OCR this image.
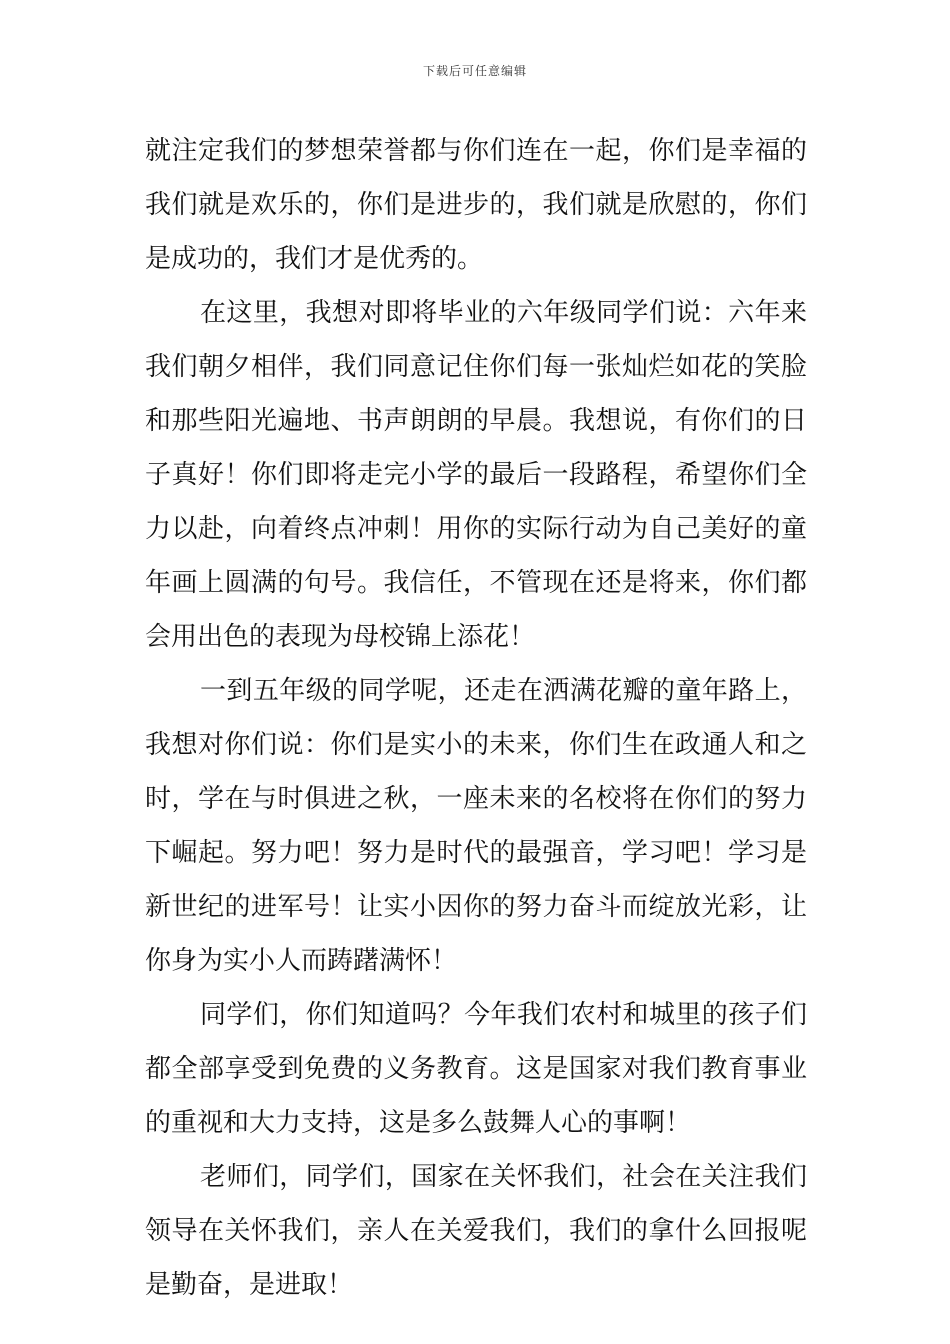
下载后可任意编辑
就注定我们的梦想荣誉都与你们连在一起，你们是幸福的
我们就是欢乐的，你们是进步的，我们就是欣慰的，你们
是成功的，我们才是优秀的。
在这里，我想对即将毕业的六年级同学们说：六年来
我们朝夕相伴，我们同意记住你们每一张灿烂如花的笑脸
和那些阳光遍地、书声朗朗的早晨。我想说，有你们的日
子真好！你们即将走完小学的最后一段路程，希望你们全
力以赴，向着终点冲刺！用你的实际行动为自己美好的童
年画上圆满的句号。我信任，不管现在还是将来，你们都
会用出色的表现为母校锦上添花！
一到五年级的同学呢，还走在洒满花瓣的童年路上，
我想对你们说：你们是实小的未来，你们生在政通人和之
时，学在与时俱进之秋，一座未来的名校将在你们的努力
下崛起。努力吧！努力是时代的最强音，学习吧！学习是
新世纪的进军号！让实小因你的努力奋斗而绽放光彩，让
你身为实小人而踌躇满怀！
同学们，你们知道吗？今年我们农村和城里的孩子们
都全部享受到免费的义务教育。这是国家对我们教育事业
的重视和大力支持，这是多么鼓舞人心的事啊！
老师们，同学们，国家在关怀我们，社会在关注我们
领导在关怀我们，亲人在关爱我们，我们的拿什么回报呢
是勤奋，是进取！
